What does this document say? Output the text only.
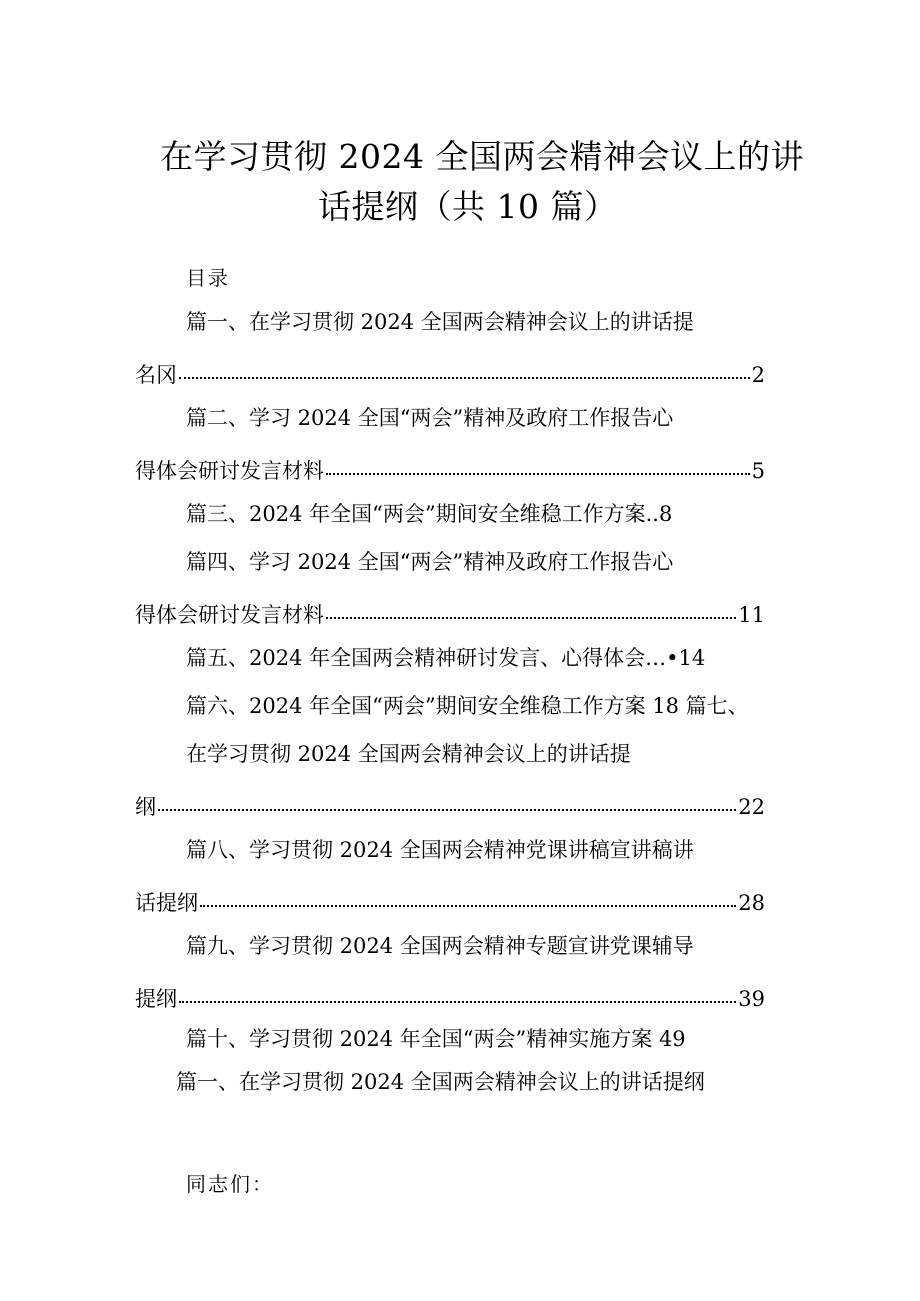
在学习贯彻 2024 全国两会精神会议上的讲
话提纲（共 10 篇）
目录
篇一、在学习贯彻 2024 全国两会精神会议上的讲话提
名冈	2
篇二、学习 2024 全国“两会”精神及政府工作报告心
得体会研讨发言材料	5
篇三、2024 年全国“两会”期间安全维稳工作方案..8
篇四、学习 2024 全国“两会”精神及政府工作报告心
得体会研讨发言材料	11
篇五、2024 年全国两会精神研讨发言、心得体会…•14
篇六、2024 年全国“两会”期间安全维稳工作方案 18 篇七、
在学习贯彻 2024 全国两会精神会议上的讲话提
纲	22
篇八、学习贯彻 2024 全国两会精神党课讲稿宣讲稿讲
话提纲	28
篇九、学习贯彻 2024 全国两会精神专题宣讲党课辅导
提纲	39
篇十、学习贯彻 2024 年全国“两会”精神实施方案 49
篇一、在学习贯彻 2024 全国两会精神会议上的讲话提纲
同志们：
